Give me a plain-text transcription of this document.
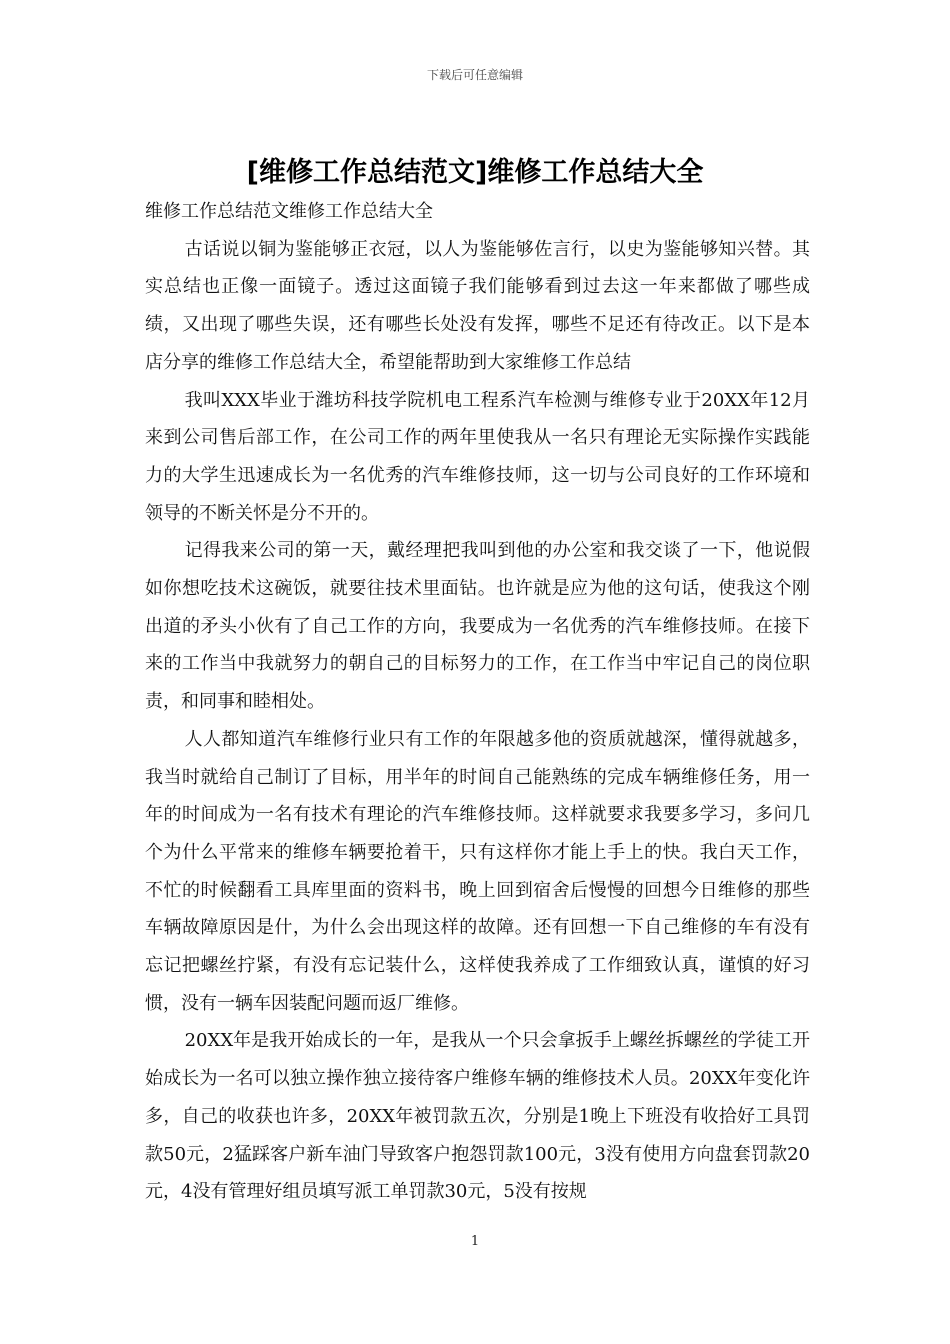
下载后可任意编辑
[维修工作总结范文]维修工作总结大全

维修工作总结范文维修工作总结大全

古话说以铜为鉴能够正衣冠，以人为鉴能够佐言行，以史为鉴能够知兴替。其实总结也正像一面镜子。透过这面镜子我们能够看到过去这一年来都做了哪些成绩，又出现了哪些失误，还有哪些长处没有发挥，哪些不足还有待改正。以下是本店分享的维修工作总结大全，希望能帮助到大家维修工作总结

我叫XXX毕业于潍坊科技学院机电工程系汽车检测与维修专业于20XX年12月来到公司售后部工作，在公司工作的两年里使我从一名只有理论无实际操作实践能力的大学生迅速成长为一名优秀的汽车维修技师，这一切与公司良好的工作环境和领导的不断关怀是分不开的。

记得我来公司的第一天，戴经理把我叫到他的办公室和我交谈了一下，他说假如你想吃技术这碗饭，就要往技术里面钻。也许就是应为他的这句话，使我这个刚出道的矛头小伙有了自己工作的方向，我要成为一名优秀的汽车维修技师。在接下来的工作当中我就努力的朝自己的目标努力的工作，在工作当中牢记自己的岗位职责，和同事和睦相处。

人人都知道汽车维修行业只有工作的年限越多他的资质就越深，懂得就越多，我当时就给自己制订了目标，用半年的时间自己能熟练的完成车辆维修任务，用一年的时间成为一名有技术有理论的汽车维修技师。这样就要求我要多学习，多问几个为什么平常来的维修车辆要抢着干，只有这样你才能上手上的快。我白天工作，不忙的时候翻看工具库里面的资料书，晚上回到宿舍后慢慢的回想今日维修的那些车辆故障原因是什，为什么会出现这样的故障。还有回想一下自己维修的车有没有忘记把螺丝拧紧，有没有忘记装什么，这样使我养成了工作细致认真，谨慎的好习惯，没有一辆车因装配问题而返厂维修。

20XX年是我开始成长的一年，是我从一个只会拿扳手上螺丝拆螺丝的学徒工开始成长为一名可以独立操作独立接待客户维修车辆的维修技术人员。20XX年变化许多，自己的收获也许多，20XX年被罚款五次，分别是1晚上下班没有收拾好工具罚款50元，2猛踩客户新车油门导致客户抱怨罚款100元，3没有使用方向盘套罚款20元，4没有管理好组员填写派工单罚款30元，5没有按规

1
